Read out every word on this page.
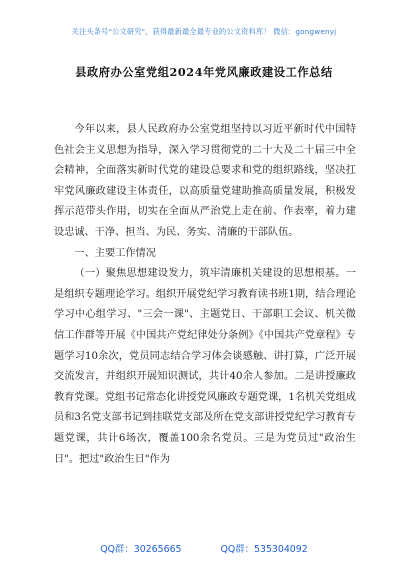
关注头条号"公文研究"，获得最新最全最专业的公文资料库！ 微信：gongwenyj
县政府办公室党组2024年党风廉政建设工作总结

今年以来，县人民政府办公室党组坚持以习近平新时代中国特色社会主义思想为指导，深入学习贯彻党的二十大及二十届三中全会精神，全面落实新时代党的建设总要求和党的组织路线，坚决扛牢党风廉政建设主体责任，以高质量党建助推高质量发展，积极发挥示范带头作用，切实在全面从严治党上走在前、作表率，着力建设忠诚、干净、担当、为民、务实、清廉的干部队伍。

一、主要工作情况

（一）聚焦思想建设发力，筑牢清廉机关建设的思想根基。一是组织专题理论学习。组织开展党纪学习教育读书班1期，结合理论学习中心组学习、"三会一课"、主题党日、干部职工会议、机关微信工作群等开展《中国共产党纪律处分条例》《中国共产党章程》专题学习10余次，党员同志结合学习体会谈感触、讲打算，广泛开展交流发言，并组织开展知识测试，共计40余人参加。二是讲授廉政教育党课。党组书记常态化讲授党风廉政专题党课，1名机关党组成员和3名党支部书记到挂联党支部及所在党支部讲授党纪学习教育专题党课，共计6场次，覆盖100余名党员。三是为党员过"政治生日"。把过"政治生日"作为

QQ群：30265665	QQ群：535304092
